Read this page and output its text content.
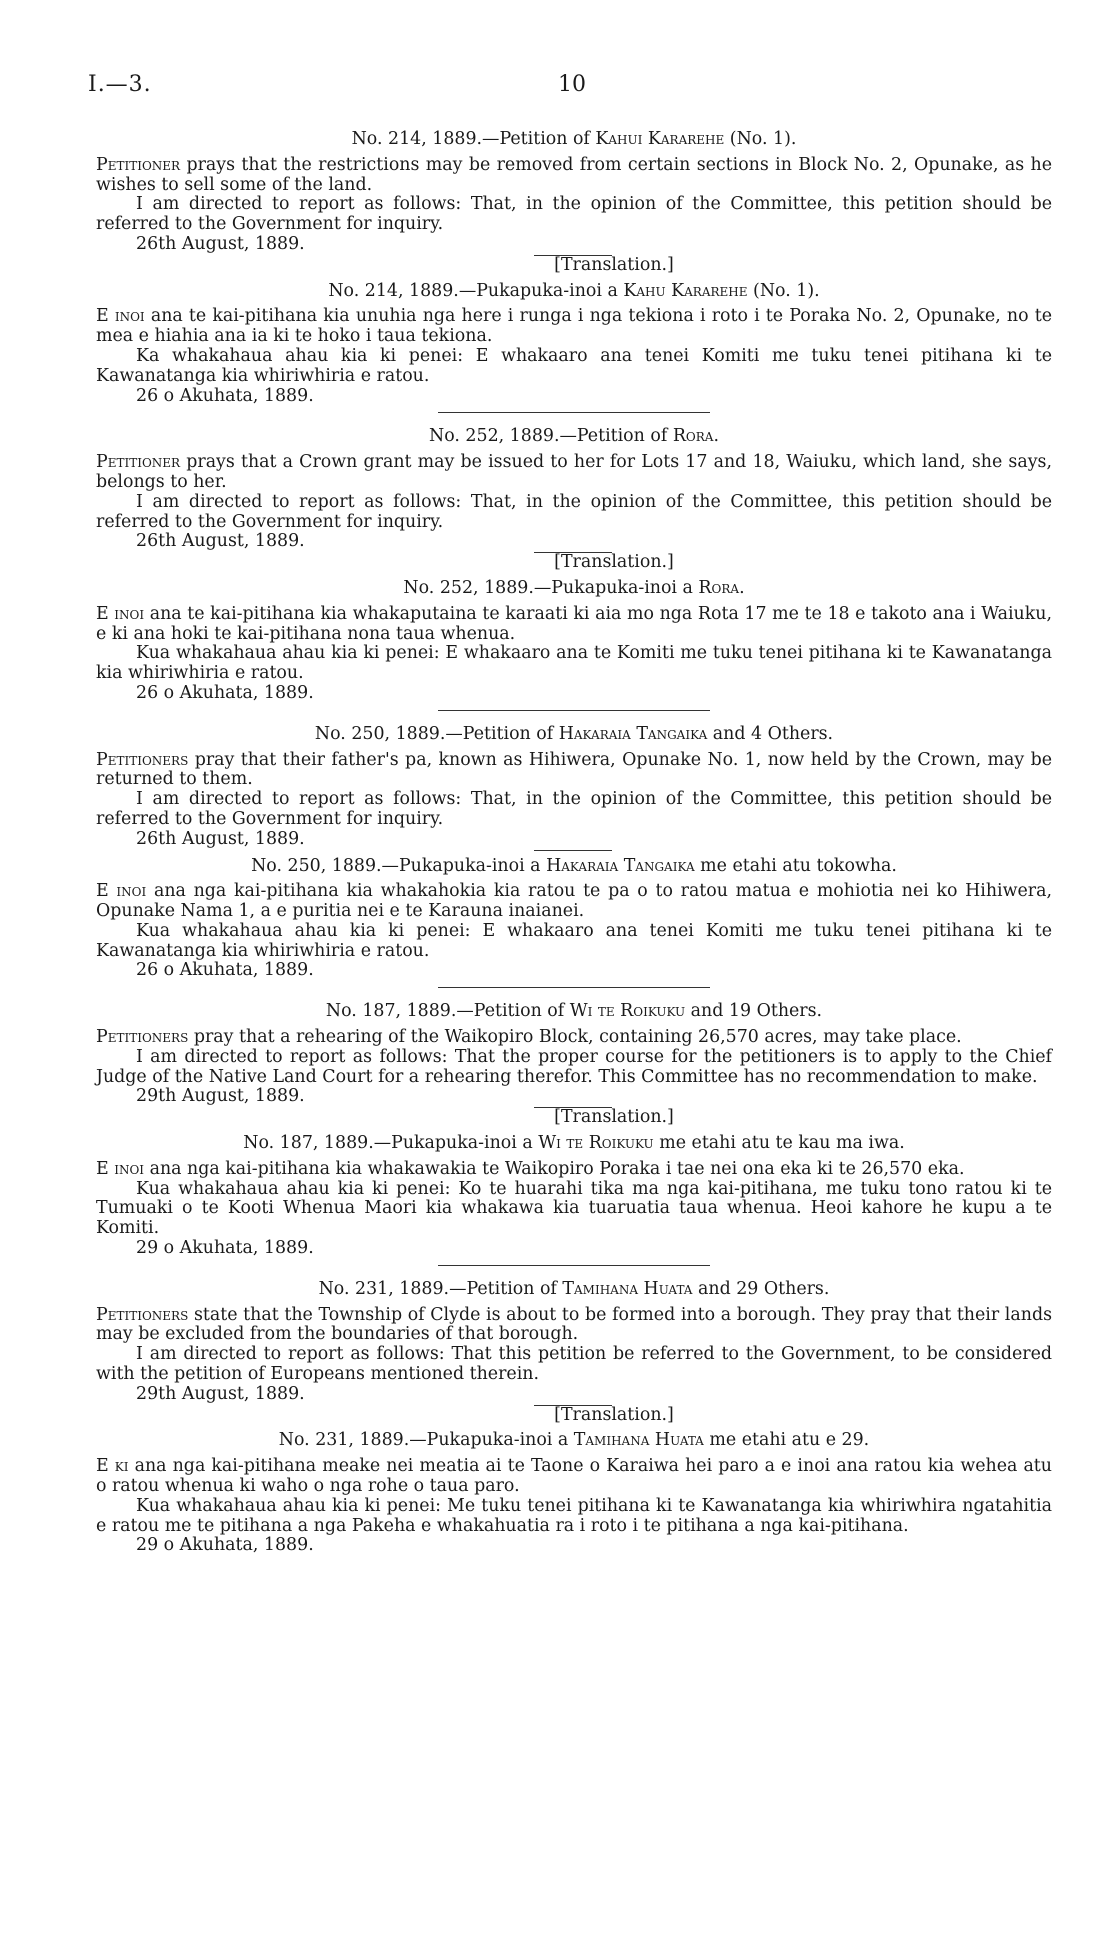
I.—3.	10

No. 214, 1889.—Petition of Kahui Kararehe (No. 1).

Petitioner prays that the restrictions may be removed from certain sections in Block No. 2, Opunake, as he wishes to sell some of the land.

I am directed to report as follows: That, in the opinion of the Committee, this petition should be referred to the Government for inquiry.

26th August, 1889.

[Translation.]

No. 214, 1889.—Pukapuka-inoi a Kahu Kararehe (No. 1).

E inoi ana te kai-pitihana kia unuhia nga here i runga i nga tekiona i roto i te Poraka No. 2, Opunake, no te mea e hiahia ana ia ki te hoko i taua tekiona.

Ka whakahaua ahau kia ki penei: E whakaaro ana tenei Komiti me tuku tenei pitihana ki te Kawanatanga kia whiriwhiria e ratou.

26 o Akuhata, 1889.

No. 252, 1889.—Petition of Rora.

Petitioner prays that a Crown grant may be issued to her for Lots 17 and 18, Waiuku, which land, she says, belongs to her.

I am directed to report as follows: That, in the opinion of the Committee, this petition should be referred to the Government for inquiry.

26th August, 1889.

[Translation.]

No. 252, 1889.—Pukapuka-inoi a Rora.

E inoi ana te kai-pitihana kia whakaputaina te karaati ki aia mo nga Rota 17 me te 18 e takoto ana i Waiuku, e ki ana hoki te kai-pitihana nona taua whenua.

Kua whakahaua ahau kia ki penei: E whakaaro ana te Komiti me tuku tenei pitihana ki te Kawanatanga kia whiriwhiria e ratou.

26 o Akuhata, 1889.

No. 250, 1889.—Petition of Hakaraia Tangaika and 4 Others.

Petitioners pray that their father's pa, known as Hihiwera, Opunake No. 1, now held by the Crown, may be returned to them.

I am directed to report as follows: That, in the opinion of the Committee, this petition should be referred to the Government for inquiry.

26th August, 1889.

No. 250, 1889.—Pukapuka-inoi a Hakaraia Tangaika me etahi atu tokowha.

E inoi ana nga kai-pitihana kia whakahokia kia ratou te pa o to ratou matua e mohiotia nei ko Hihiwera, Opunake Nama 1, a e puritia nei e te Karauna inaianei.

Kua whakahaua ahau kia ki penei: E whakaaro ana tenei Komiti me tuku tenei pitihana ki te Kawanatanga kia whiriwhiria e ratou.

26 o Akuhata, 1889.

No. 187, 1889.—Petition of Wi te Roikuku and 19 Others.

Petitioners pray that a rehearing of the Waikopiro Block, containing 26,570 acres, may take place.

I am directed to report as follows: That the proper course for the petitioners is to apply to the Chief Judge of the Native Land Court for a rehearing therefor. This Committee has no recommendation to make.

29th August, 1889.

[Translation.]

No. 187, 1889.—Pukapuka-inoi a Wi te Roikuku me etahi atu te kau ma iwa.

E inoi ana nga kai-pitihana kia whakawakia te Waikopiro Poraka i tae nei ona eka ki te 26,570 eka.

Kua whakahaua ahau kia ki penei: Ko te huarahi tika ma nga kai-pitihana, me tuku tono ratou ki te Tumuaki o te Kooti Whenua Maori kia whakawa kia tuaruatia taua whenua. Heoi kahore he kupu a te Komiti.

29 o Akuhata, 1889.

No. 231, 1889.—Petition of Tamihana Huata and 29 Others.

Petitioners state that the Township of Clyde is about to be formed into a borough. They pray that their lands may be excluded from the boundaries of that borough.

I am directed to report as follows: That this petition be referred to the Government, to be considered with the petition of Europeans mentioned therein.

29th August, 1889.

[Translation.]

No. 231, 1889.—Pukapuka-inoi a Tamihana Huata me etahi atu e 29.

E ki ana nga kai-pitihana meake nei meatia ai te Taone o Karaiwa hei paro a e inoi ana ratou kia wehea atu o ratou whenua ki waho o nga rohe o taua paro.

Kua whakahaua ahau kia ki penei: Me tuku tenei pitihana ki te Kawanatanga kia whiriwhira ngatahitia e ratou me te pitihana a nga Pakeha e whakahuatia ra i roto i te pitihana a nga kai-pitihana.

29 o Akuhata, 1889.
